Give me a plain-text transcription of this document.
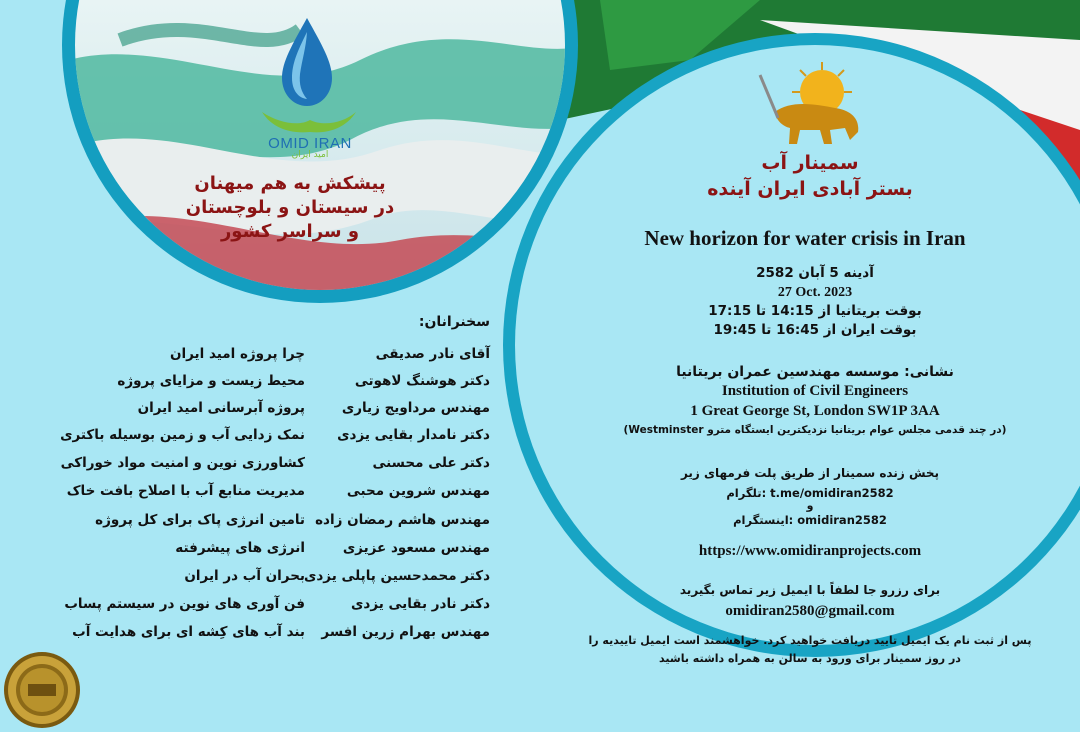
OMID IRAN
امید ایران
پیشکش به هم میهنان
در سیستان و بلوچستان
و سراسر کشور
سمینار آب
بستر آبادی ایران آینده
New horizon for water crisis in Iran
آدینه 5 آبان 2582
27 Oct. 2023
بوقت بریتانیا از 14:15 تا 17:15
بوقت ایران از 16:45 تا 19:45
نشانی: موسسه مهندسین عمران بریتانیا
Institution of Civil Engineers
1 Great George St, London SW1P 3AA
(در چند قدمی مجلس عوام بریتانیا نزدیکترین ایستگاه مترو Westminster)
پخش زنده سمینار از طریق پلت فرمهای زیر
t.me/omidiran2582 :تلگرام
و
omidiran2582 :اینستگرام
https://www.omidiranprojects.com
برای رزرو جا لطفاً با ایمیل زیر تماس بگیرید
omidiran2580@gmail.com
پس از ثبت نام یک ایمیل تایید دریافت خواهید کرد. خواهشمند است ایمیل تاییدیه را
در روز سمینار برای ورود به سالن به همراه داشته باشید
سخنرانان:
آقای نادر صدیقی
چرا پروژه امید ایران
دکتر هوشنگ لاهوتی
محیط زیست و مزایای پروژه
مهندس مرداویج زیاری
پروژه آبرسانی امید ایران
دکتر نامدار بقایی یزدی
نمک زدایی آب و زمین بوسیله باکتری
دکتر علی محسنی
کشاورزی نوین و امنیت مواد خوراکی
مهندس شروین محبی
مدیریت منابع آب با اصلاح بافت خاک
مهندس هاشم رمضان زاده
تامین انرژی پاک برای کل پروژه
مهندس مسعود عزیزی
انرژی های پیشرفته
دکتر محمدحسین پاپلی یزدی
بحران آب در ایران
دکتر نادر بقایی یزدی
فن آوری های نوین در سیستم پساب
مهندس بهرام زرین افسر
بند آب های کِشه ای برای هدایت آب
